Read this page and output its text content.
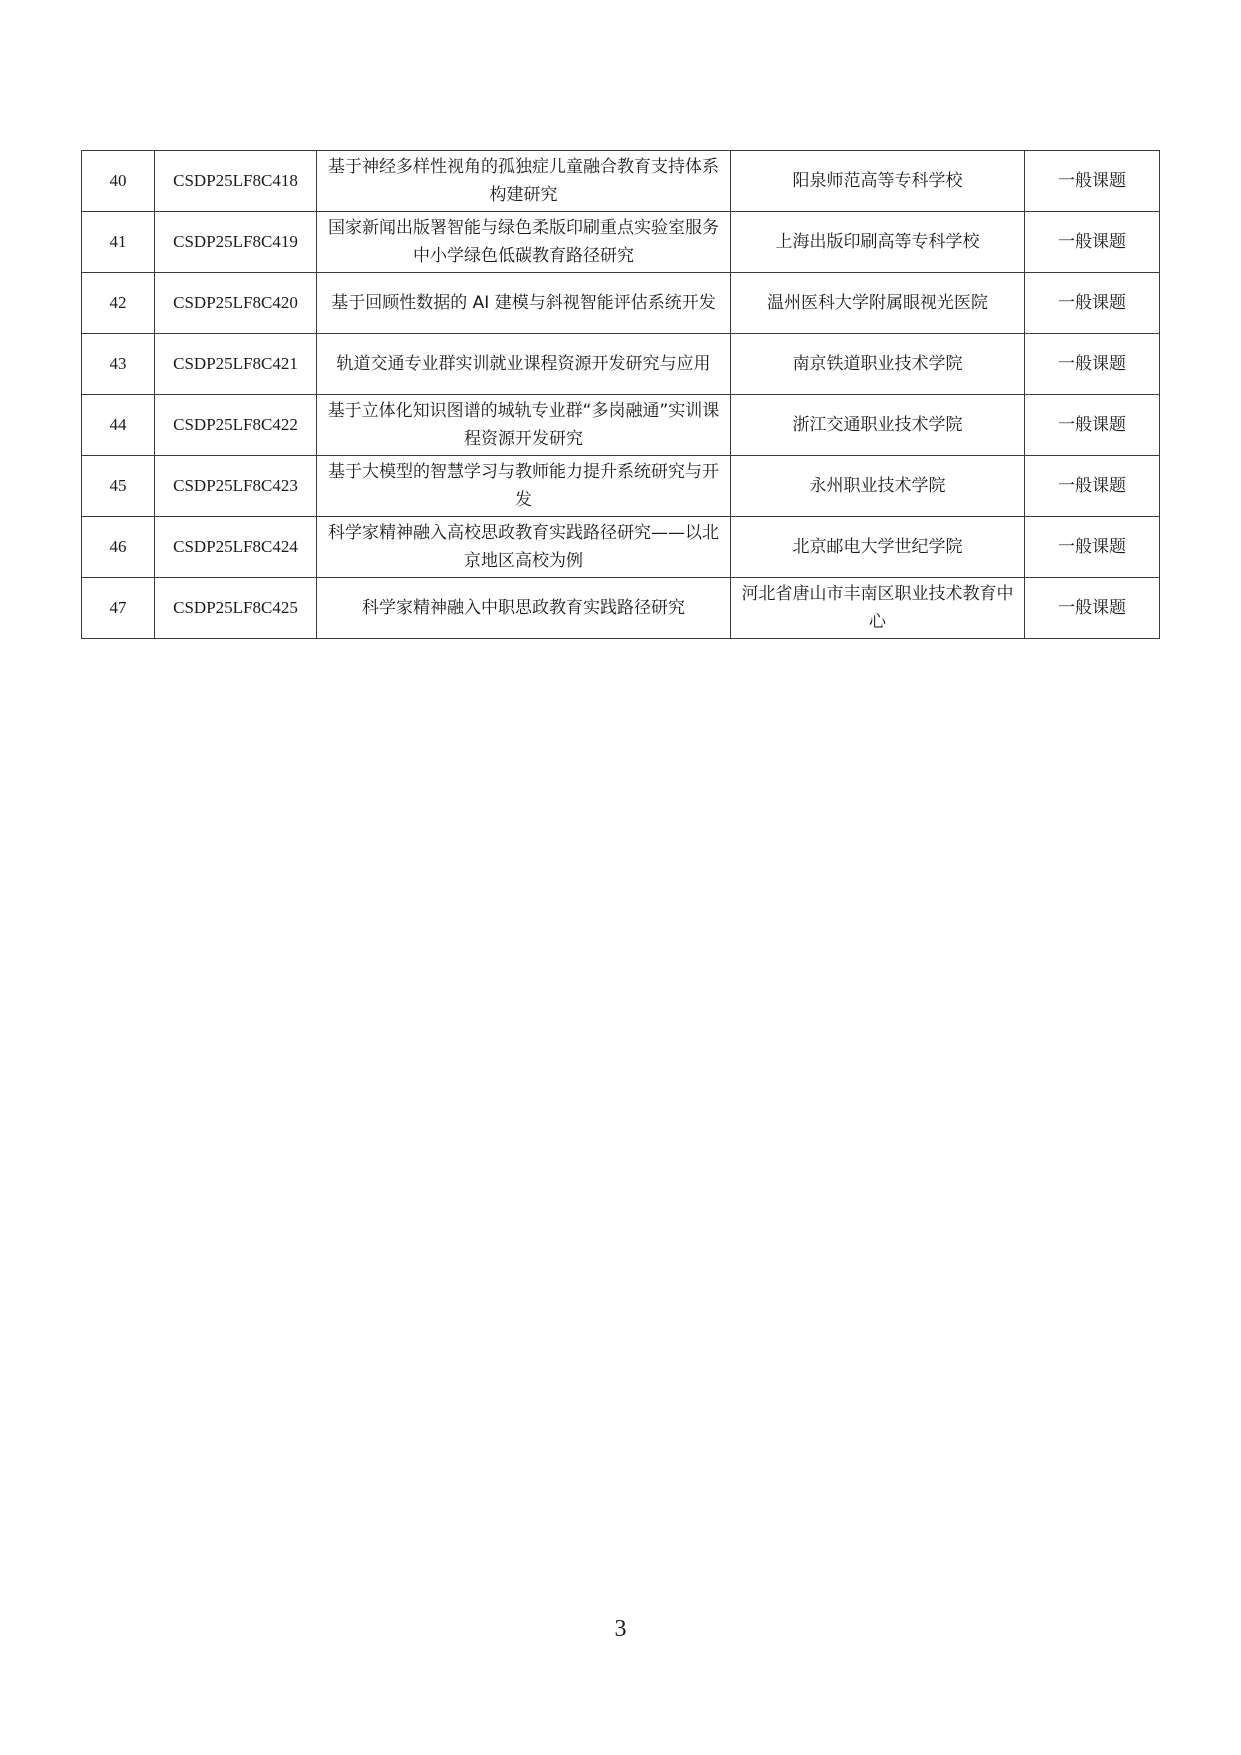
40	CSDP25LF8C418	基于神经多样性视角的孤独症儿童融合教育支持体系构建研究	阳泉师范高等专科学校	一般课题
41	CSDP25LF8C419	国家新闻出版署智能与绿色柔版印刷重点实验室服务中小学绿色低碳教育路径研究	上海出版印刷高等专科学校	一般课题
42	CSDP25LF8C420	基于回顾性数据的 AI 建模与斜视智能评估系统开发	温州医科大学附属眼视光医院	一般课题
43	CSDP25LF8C421	轨道交通专业群实训就业课程资源开发研究与应用	南京铁道职业技术学院	一般课题
44	CSDP25LF8C422	基于立体化知识图谱的城轨专业群“多岗融通”实训课程资源开发研究	浙江交通职业技术学院	一般课题
45	CSDP25LF8C423	基于大模型的智慧学习与教师能力提升系统研究与开发	永州职业技术学院	一般课题
46	CSDP25LF8C424	科学家精神融入高校思政教育实践路径研究——以北京地区高校为例	北京邮电大学世纪学院	一般课题
47	CSDP25LF8C425	科学家精神融入中职思政教育实践路径研究	河北省唐山市丰南区职业技术教育中心	一般课题
3
